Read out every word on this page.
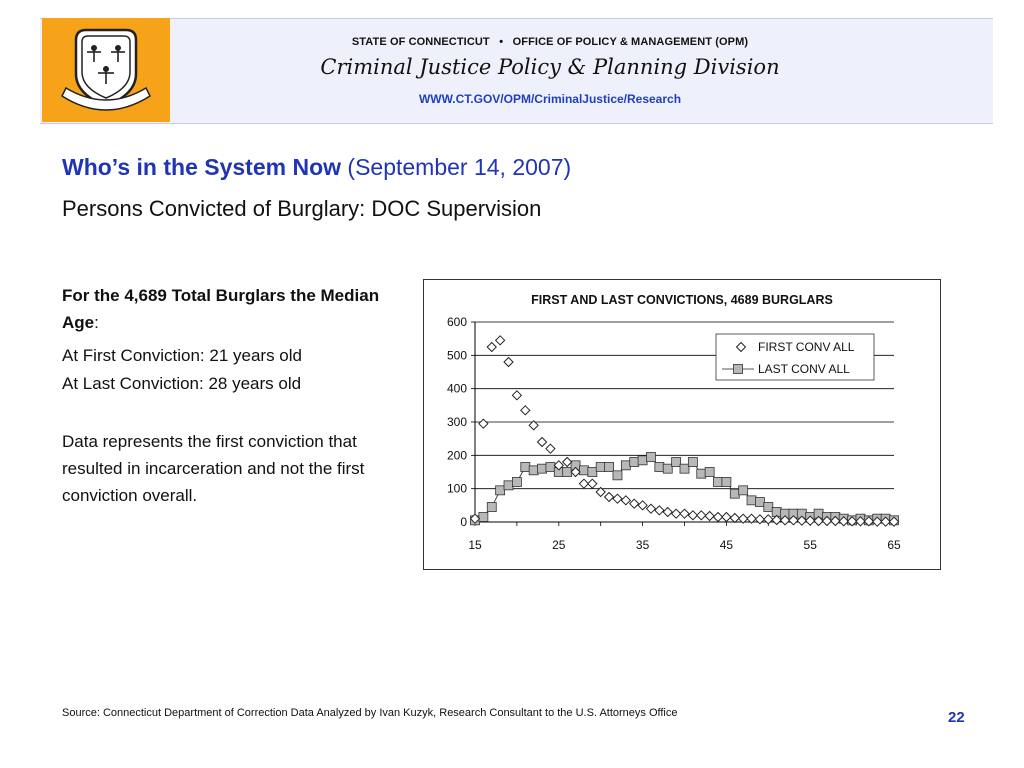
STATE OF CONNECTICUT • OFFICE OF POLICY & MANAGEMENT (OPM)
Criminal Justice Policy & Planning Division
WWW.CT.GOV/OPM/CriminalJustice/Research
Who’s in the System Now (September 14, 2007)
Persons Convicted of Burglary: DOC Supervision
For the 4,689 Total Burglars the Median Age:
At First Conviction: 21 years old
At Last Conviction: 28 years old
Data represents the first conviction that resulted in incarceration and not the first conviction overall.
FIRST AND LAST CONVICTIONS, 4689 BURGLARS
0
100
200
300
400
500
600
15	25	35	45	55	65
FIRST CONV ALL
LAST CONV ALL
Source: Connecticut Department of Correction Data Analyzed by Ivan Kuzyk, Research Consultant to the U.S. Attorneys Office	22
